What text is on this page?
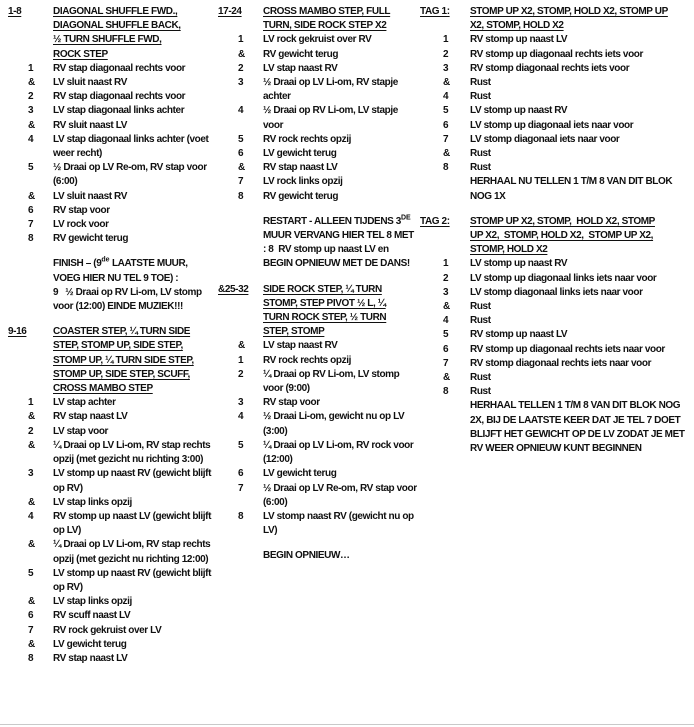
1-8	DIAGONAL SHUFFLE FWD.,
DIAGONAL SHUFFLE BACK,
½ TURN SHUFFLE FWD,
ROCK STEP
1	RV stap diagonaal rechts voor
&	LV sluit naast RV
2	RV stap diagonaal rechts voor
3	LV stap diagonaal links achter
&	RV sluit naast LV
4	LV stap diagonaal links achter (voet weer recht)
5	½ Draai op LV Re-om, RV stap voor (6:00)
&	LV sluit naast RV
6	RV stap voor
7	LV rock voor
8	RV gewicht terug
FINISH – (9de LAATSTE MUUR, VOEG HIER NU TEL 9 TOE) :
9   ½ Draai op RV Li-om, LV stomp voor (12:00) EINDE MUZIEK!!!
9-16	COASTER STEP, ¼ TURN SIDE
STEP, STOMP UP, SIDE STEP,
STOMP UP, ¼ TURN SIDE STEP,
STOMP UP, SIDE STEP, SCUFF,
CROSS MAMBO STEP
1	LV stap achter
&	RV stap naast LV
2	LV stap voor
&	¼ Draai op LV Li-om, RV stap rechts opzij (met gezicht nu richting 3:00)
3	LV stomp up naast RV (gewicht blijft op RV)
&	LV stap links opzij
4	RV stomp up naast LV (gewicht blijft op LV)
&	¼ Draai op LV Li-om, RV stap rechts opzij (met gezicht nu richting 12:00)
5	LV stomp up naast RV (gewicht blijft op RV)
&	LV stap links opzij
6	RV scuff naast LV
7	RV rock gekruist over LV
&	LV gewicht terug
8	RV stap naast LV
17-24	CROSS MAMBO STEP, FULL
TURN, SIDE ROCK STEP X2
1	LV rock gekruist over RV
&	RV gewicht terug
2	LV stap naast RV
3	½ Draai op LV Li-om, RV stapje achter
4	½ Draai op RV Li-om, LV stapje voor
5	RV rock rechts opzij
6	LV gewicht terug
&	RV stap naast LV
7	LV rock links opzij
8	RV gewicht terug
RESTART - ALLEEN TIJDENS 3DE MUUR VERVANG HIER TEL 8 MET : 8  RV stomp up naast LV en BEGIN OPNIEUW MET DE DANS!
&25-32	SIDE ROCK STEP, ¼ TURN
STOMP, STEP PIVOT ½ L, ¼
TURN ROCK STEP, ½ TURN
STEP, STOMP
&	LV stap naast RV
1	RV rock rechts opzij
2	¼ Draai op RV Li-om, LV stomp voor (9:00)
3	RV stap voor
4	½ Draai Li-om, gewicht nu op LV (3:00)
5	¼ Draai op LV Li-om, RV rock voor (12:00)
6	LV gewicht terug
7	½ Draai op LV Re-om, RV stap voor (6:00)
8	LV stomp naast RV (gewicht nu op LV)
BEGIN OPNIEUW…
TAG 1:	STOMP UP X2, STOMP, HOLD X2, STOMP UP
X2, STOMP, HOLD X2
1	RV stomp up naast LV
2	RV stomp up diagonaal rechts iets voor
3	RV stomp diagonaal rechts iets voor
&	Rust
4	Rust
5	LV stomp up naast RV
6	LV stomp up diagonaal iets naar voor
7	LV stomp diagonaal iets naar voor
&	Rust
8	Rust
HERHAAL NU TELLEN 1 T/M 8 VAN DIT BLOK NOG 1X
TAG 2:	STOMP UP X2, STOMP,  HOLD X2, STOMP
UP X2,  STOMP, HOLD X2,  STOMP UP X2,
STOMP, HOLD X2
1	LV stomp up naast RV
2	LV stomp up diagonaal links iets naar voor
3	LV stomp diagonaal links iets naar voor
&	Rust
4	Rust
5	RV stomp up naast LV
6	RV stomp up diagonaal rechts iets naar voor
7	RV stomp diagonaal rechts iets naar voor
&	Rust
8	Rust
HERHAAL TELLEN 1 T/M 8 VAN DIT BLOK NOG 2X, BIJ DE LAATSTE KEER DAT JE TEL 7 DOET BLIJFT HET GEWICHT OP DE LV ZODAT JE MET RV WEER OPNIEUW KUNT BEGINNEN
